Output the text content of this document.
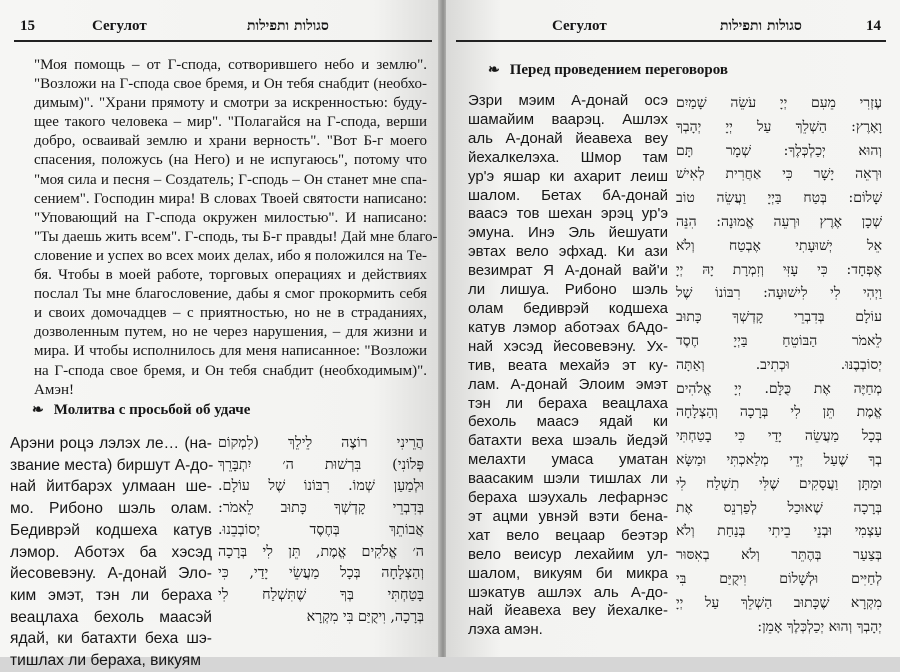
15	Сегулот	סגולות ותפילות
"Моя помощь – от Г-спода, сотворившего небо и землю".
"Возложи на Г-спода свое бремя, и Он тебя снабдит (необхо-
димым)". "Храни прямоту и смотри за искренностью: буду-
щее такого человека – мир". "Полагайся на Г-спода, верши
добро, осваивай землю и храни верность". "Вот Б-г моего
спасения, положусь (на Него) и не испугаюсь", потому что
"моя сила и песня – Создатель; Г-сподь – Он станет мне спа-
сением". Господин мира! В словах Твоей святости написано:
"Уповающий на Г-спода окружен милостью". И написано:
"Ты даешь жить всем". Г-сподь, ты Б-г правды! Дай мне благо-
словение и успех во всех моих делах, ибо я положился на Те-
бя. Чтобы в моей работе, торговых операциях и действиях
послал Ты мне благословение, дабы я смог прокормить себя
и своих домочадцев – с приятностью, но не в страданиях,
дозволенным путем, но не через нарушения, – для жизни и
мира. И чтобы исполнилось для меня написанное: "Возложи
на Г-спода свое бремя, и Он тебя снабдит (необходимым)".
Амэн!
❧ Молитва с просьбой об удаче
Арэни роцэ лэлэх ле… (на-
звание места) биршут А-до-
най йитбарэх улмаан ше-
мо. Рибоно шэль олам.
Бедиврэй кодшеха катув
лэмор. Аботэх ба хэсэд
йесовевэну. А-донай Эло-
ким эмэт, тэн ли бераха
веацлаха бехоль маасэй
ядай, ки батахти беха шэ-
тишлах ли бераха, викуям
הֲרֵינִי רוֹצֶה לֵילֵךְ (לִמְקוֹם
פְּלוֹנִי) בִּרְשׁוּת ה׳ יִתְבָּרֵךְ
וּלְמַעַן שְׁמוֹ. רִבּוֹנוֹ שֶׁל עוֹלָם.
בְּדִבְרֵי קָדְשְׁךָ כָּתוּב לֵאמֹר:
אֲבוֹתֵךְ בְּחֶסֶד יְסוֹבְבֵנוּ.
ה׳ אֱלֹקִים אֱמֶת, תֵּן לִי בְּרָכָה
וְהַצְלָחָה בְּכָל מַעֲשֵׂי יָדַי, כִּי
בָּטַחְתִּי בְּךָ שֶׁתִּשְׁלַח לִי
בְּרָכָה, וִיקֻיַּם בִּי מִקְרָא
Сегулот	סגולות ותפילות	14
❧ Перед проведением переговоров
Эзри мэим А-донай осэ
шамайим ваарэц. Ашлэх
аль А-донай йеавеха веу
йехалкелэха. Шмор там
ур'э яшар ки ахарит леиш
шалом. Бетах бА-донай
ваасэ тов шехан эрэц ур'э
эмуна. Инэ Эль йешуати
эвтах вело эфхад. Ки ази
везимрат Я А-донай вай'и
ли лишуа. Рибоно шэль
олам бедиврэй кодшеха
катув лэмор аботэах бАдо-
най хэсэд йесовевэну. Ух-
тив, веата мехайэ эт ку-
лам. А-донай Элоим эмэт
тэн ли бераха веацлаха
бехоль маасэ ядай ки
батахти веха шэаль йедэй
мелахти умаса уматан
ваасаким шэли тишлах ли
бераха шэухаль лефарнэс
эт ацми увнэй вэти бена-
хат вело вецаар беэтэр
вело веисур лехайим ул-
шалом, викуям би микра
шэкатув ашлэх аль А-до-
най йеавеха веу йехалке-
лэха амэн.
עֶזְרִי מֵעִם יְיָ עֹשֵׂה שָׁמַיִם
וָאָרֶץ: הַשְׁלֵךְ עַל יְיָ יְהָבְךָ
וְהוּא יְכַלְכְּלֶךָ: שְׁמָר תָּם
וּרְאֵה יָשָׁר כִּי אַחֲרִית לְאִישׁ
שָׁלוֹם: בְּטַח בַּיְיָ וַעֲשֵׂה טוֹב
שְׁכָן אֶרֶץ וּרְעֵה אֱמוּנָה: הִנֵּה
אֵל יְשׁוּעָתִי אֶבְטַח וְלֹא
אֶפְחָד: כִּי עָזִּי וְזִמְרָת יָהּ יְיָ
וַיְהִי לִי לִישׁוּעָה: רִבּוֹנוֹ שֶׁל
עוֹלָם בְּדִבְרֵי קָדְשְׁךָ כָּתוּב
לֵאמֹר הַבּוֹטֵחַ בַּיְיָ חֶסֶד
יְסוֹבְבֶנּוּ. וּכְתִיב. וְאַתָּה
מְחַיֶּה אֶת כֻּלָּם. יְיָ אֱלֹהִים
אֱמֶת תֵּן לִי בְּרָכָה וְהַצְלָחָה
בְּכָל מַעֲשֵׂה יָדַי כִּי בָטַחְתִּי
בְךָ שֶׁעַל יְדֵי מְלַאכְתִּי וּמַשָּׂא
וּמַתָּן וַעֲסָקִים שֶׁלִּי תִשְׁלַח לִי
בְּרָכָה שֶׁאוּכַל לְפַרְנֵס אֶת
עַצְמִי וּבְנֵי בֵיתִי בְּנַחַת וְלֹא
בְּצַעַר בְּהֶתֵּר וְלֹא בְאִסּוּר
לְחַיִּים וּלְשָׁלוֹם וִיקֻיַּם בִּי
מִקְרָא שֶׁכָּתוּב הַשְׁלֵךְ עַל יְיָ
יְהָבְךָ וְהוּא יְכַלְכְּלֶךָ אָמֵן:
